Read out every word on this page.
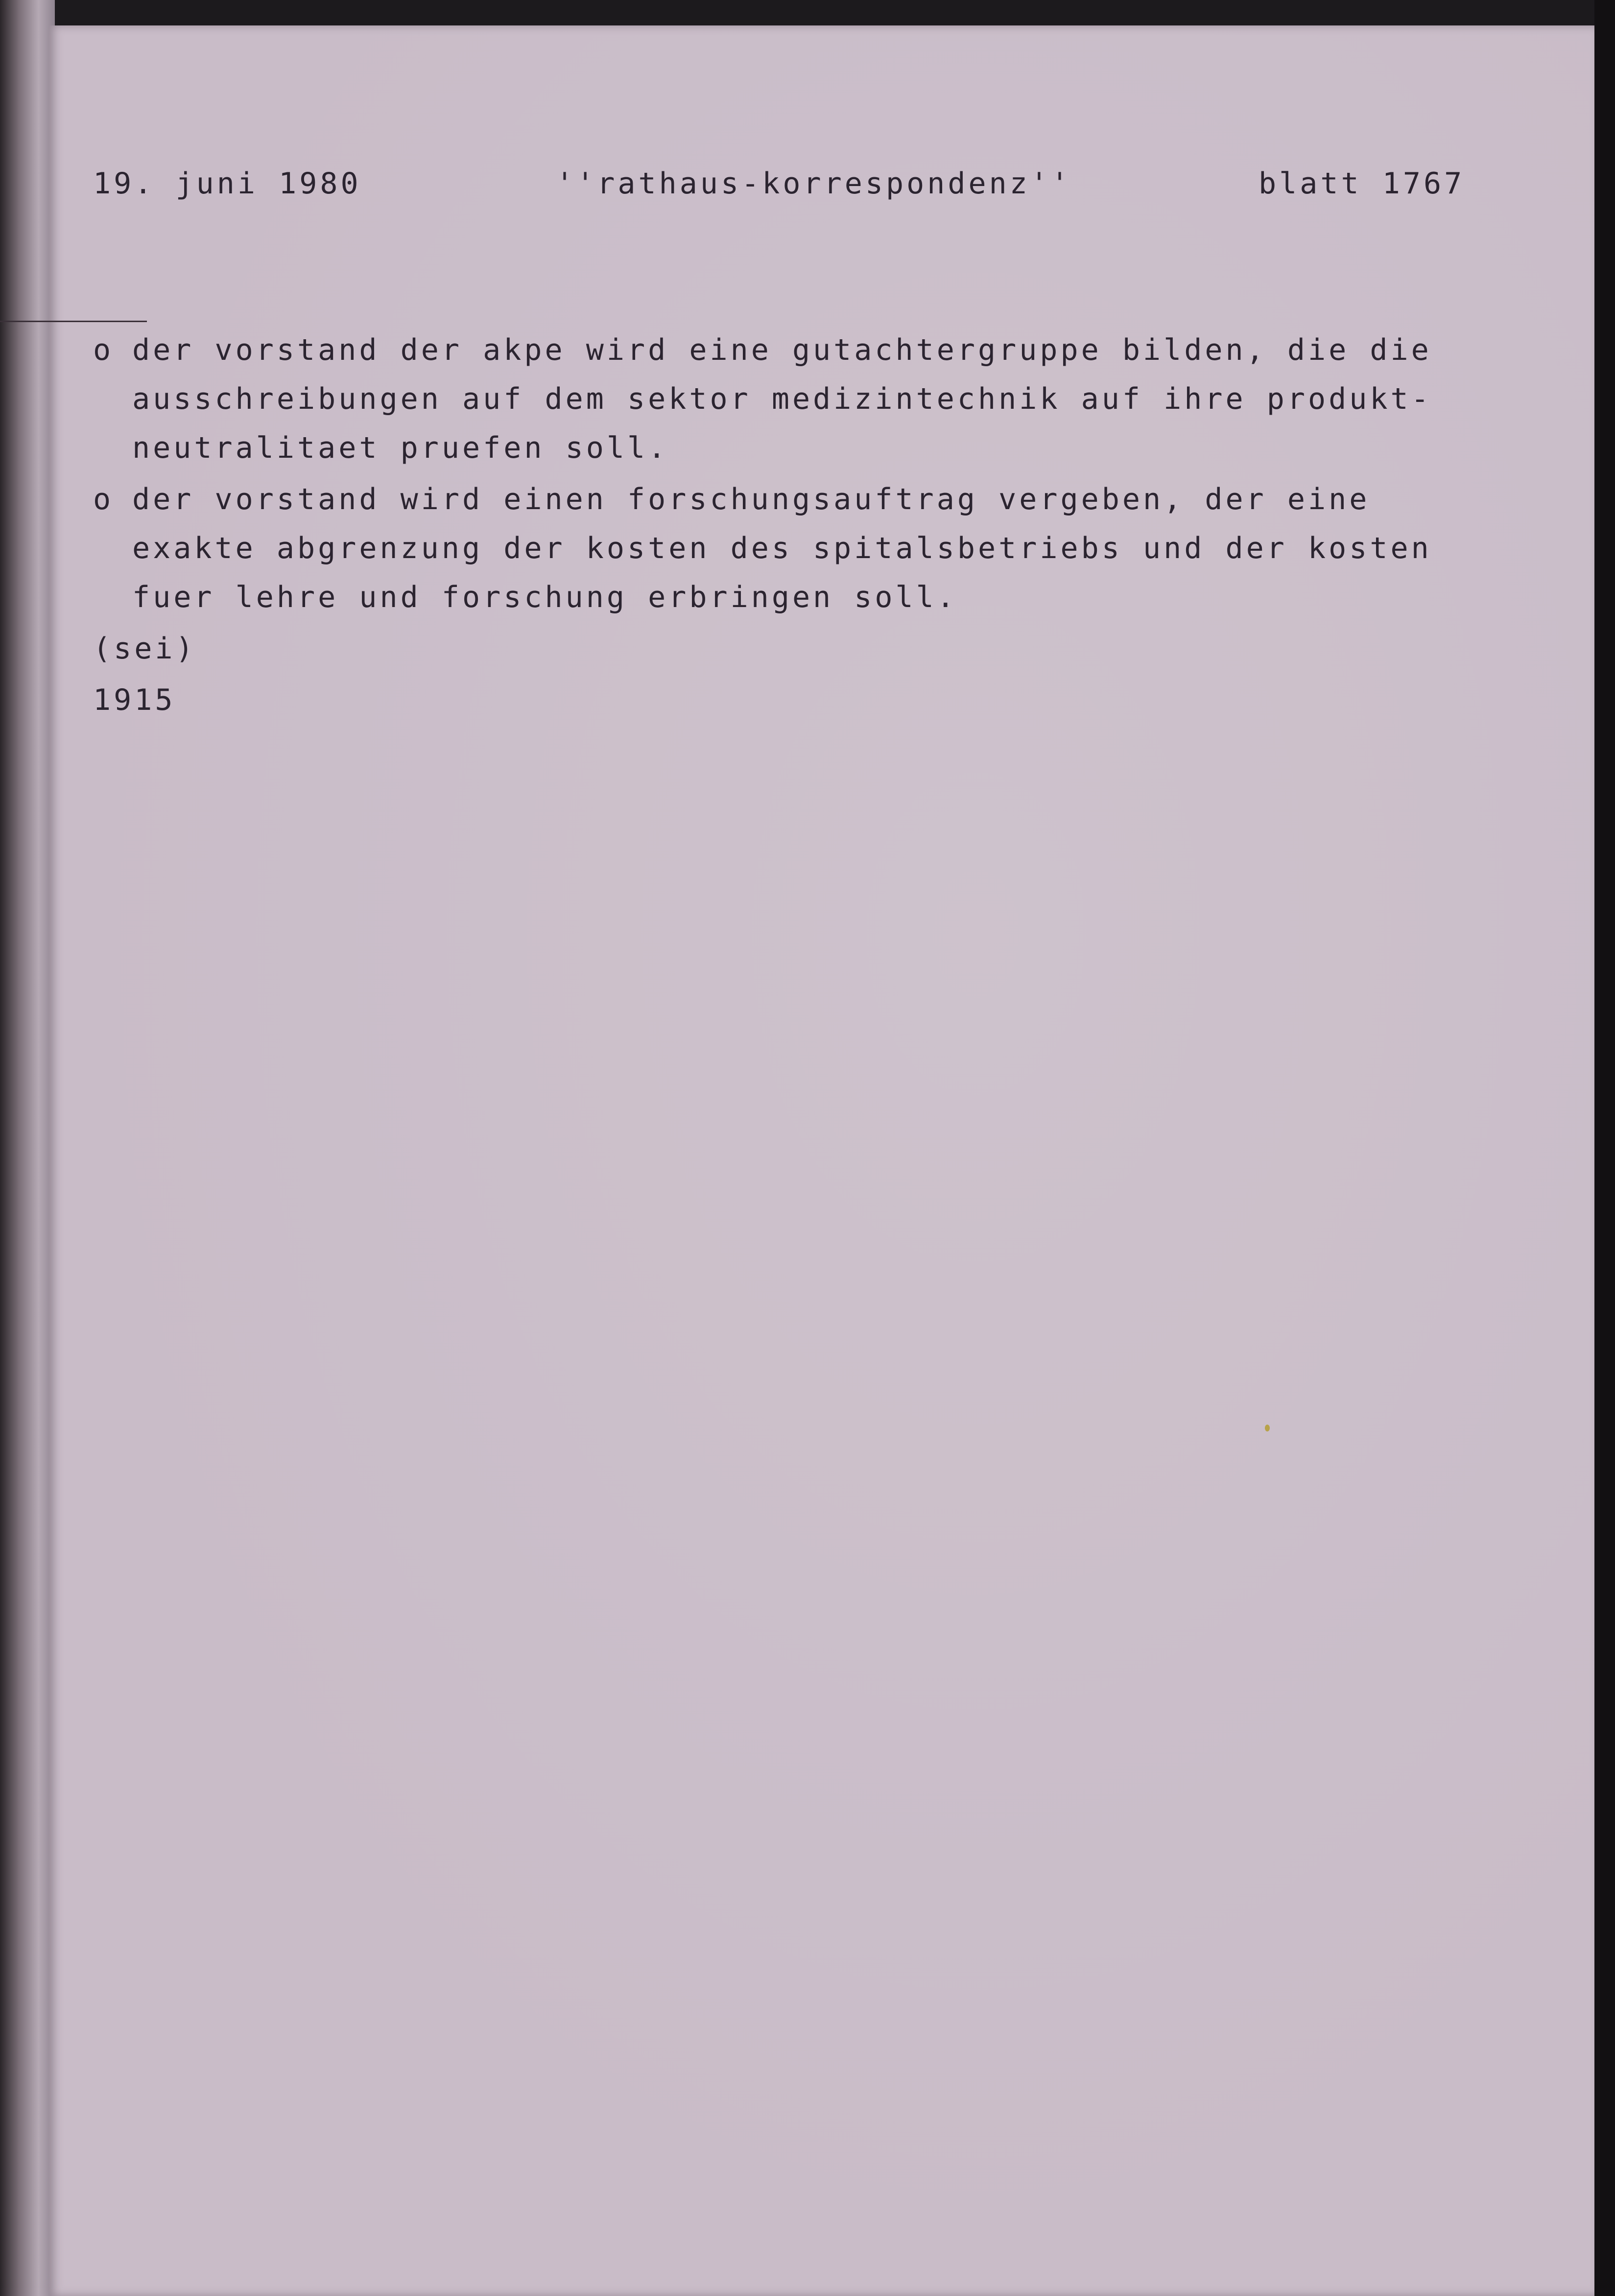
19. juni 1980	''rathaus-korrespondenz''	blatt 1767
o der vorstand der akpe wird eine gutachtergruppe bilden, die die
ausschreibungen auf dem sektor medizintechnik auf ihre produkt-
neutralitaet pruefen soll.
o der vorstand wird einen forschungsauftrag vergeben, der eine
exakte abgrenzung der kosten des spitalsbetriebs und der kosten
fuer lehre und forschung erbringen soll.
(sei)
1915
